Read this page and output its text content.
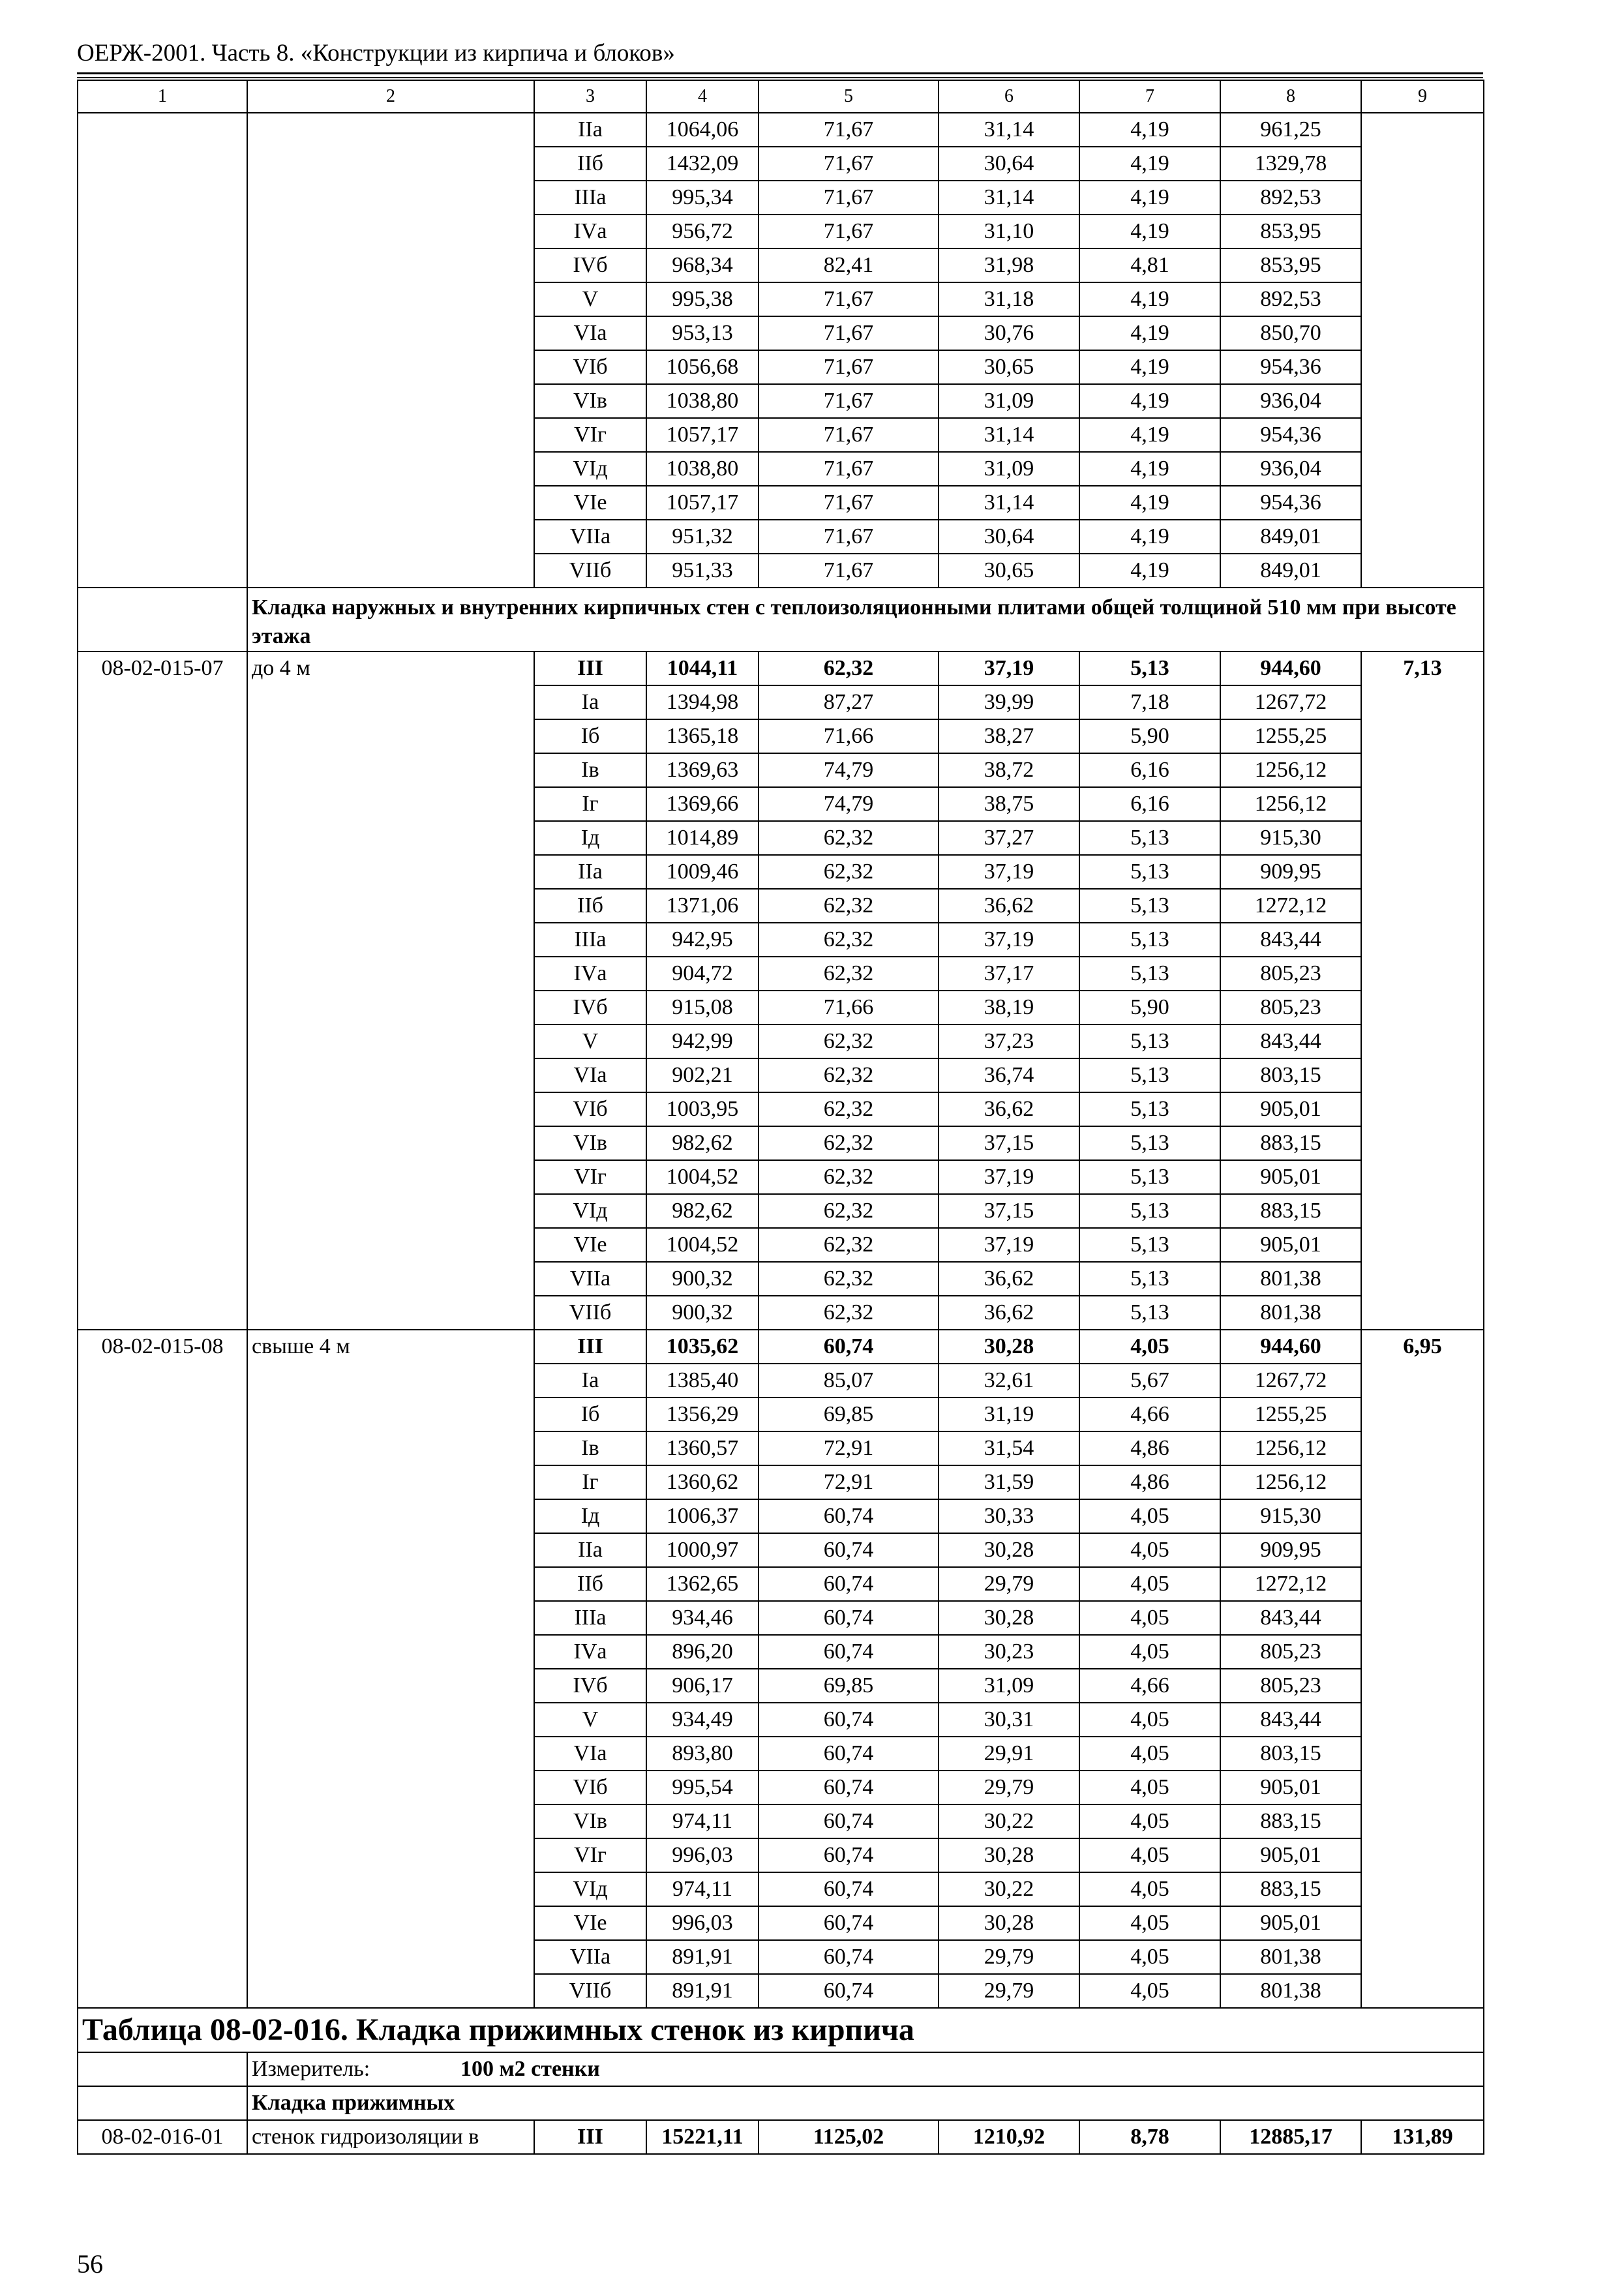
ОЕРЖ-2001. Часть 8. «Конструкции из кирпича и блоков»
1	2	3	4	5	6	7	8	9
		IIа	1064,06	71,67	31,14	4,19	961,25	
		IIб	1432,09	71,67	30,64	4,19	1329,78	
		IIIа	995,34	71,67	31,14	4,19	892,53	
		IVа	956,72	71,67	31,10	4,19	853,95	
		IVб	968,34	82,41	31,98	4,81	853,95	
		V	995,38	71,67	31,18	4,19	892,53	
		VIа	953,13	71,67	30,76	4,19	850,70	
		VIб	1056,68	71,67	30,65	4,19	954,36	
		VIв	1038,80	71,67	31,09	4,19	936,04	
		VIг	1057,17	71,67	31,14	4,19	954,36	
		VIд	1038,80	71,67	31,09	4,19	936,04	
		VIе	1057,17	71,67	31,14	4,19	954,36	
		VIIа	951,32	71,67	30,64	4,19	849,01	
		VIIб	951,33	71,67	30,65	4,19	849,01	
	Кладка наружных и внутренних кирпичных стен с теплоизоляционными плитами общей толщиной 510 мм при высоте этажа							
08-02-015-07	до 4 м	III	1044,11	62,32	37,19	5,13	944,60	7,13
		Iа	1394,98	87,27	39,99	7,18	1267,72	
		Iб	1365,18	71,66	38,27	5,90	1255,25	
		Iв	1369,63	74,79	38,72	6,16	1256,12	
		Iг	1369,66	74,79	38,75	6,16	1256,12	
		Iд	1014,89	62,32	37,27	5,13	915,30	
		IIа	1009,46	62,32	37,19	5,13	909,95	
		IIб	1371,06	62,32	36,62	5,13	1272,12	
		IIIа	942,95	62,32	37,19	5,13	843,44	
		IVа	904,72	62,32	37,17	5,13	805,23	
		IVб	915,08	71,66	38,19	5,90	805,23	
		V	942,99	62,32	37,23	5,13	843,44	
		VIа	902,21	62,32	36,74	5,13	803,15	
		VIб	1003,95	62,32	36,62	5,13	905,01	
		VIв	982,62	62,32	37,15	5,13	883,15	
		VIг	1004,52	62,32	37,19	5,13	905,01	
		VIд	982,62	62,32	37,15	5,13	883,15	
		VIе	1004,52	62,32	37,19	5,13	905,01	
		VIIа	900,32	62,32	36,62	5,13	801,38	
		VIIб	900,32	62,32	36,62	5,13	801,38	
08-02-015-08	свыше 4 м	III	1035,62	60,74	30,28	4,05	944,60	6,95
		Iа	1385,40	85,07	32,61	5,67	1267,72	
		Iб	1356,29	69,85	31,19	4,66	1255,25	
		Iв	1360,57	72,91	31,54	4,86	1256,12	
		Iг	1360,62	72,91	31,59	4,86	1256,12	
		Iд	1006,37	60,74	30,33	4,05	915,30	
		IIа	1000,97	60,74	30,28	4,05	909,95	
		IIб	1362,65	60,74	29,79	4,05	1272,12	
		IIIа	934,46	60,74	30,28	4,05	843,44	
		IVа	896,20	60,74	30,23	4,05	805,23	
		IVб	906,17	69,85	31,09	4,66	805,23	
		V	934,49	60,74	30,31	4,05	843,44	
		VIа	893,80	60,74	29,91	4,05	803,15	
		VIб	995,54	60,74	29,79	4,05	905,01	
		VIв	974,11	60,74	30,22	4,05	883,15	
		VIг	996,03	60,74	30,28	4,05	905,01	
		VIд	974,11	60,74	30,22	4,05	883,15	
		VIе	996,03	60,74	30,28	4,05	905,01	
		VIIа	891,91	60,74	29,79	4,05	801,38	
		VIIб	891,91	60,74	29,79	4,05	801,38	
Таблица 08-02-016. Кладка прижимных стенок из кирпича								
	Измеритель: 100 м2 стенки							
	Кладка прижимных							
08-02-016-01	стенок гидроизоляции в	III	15221,11	1125,02	1210,92	8,78	12885,17	131,89
56
